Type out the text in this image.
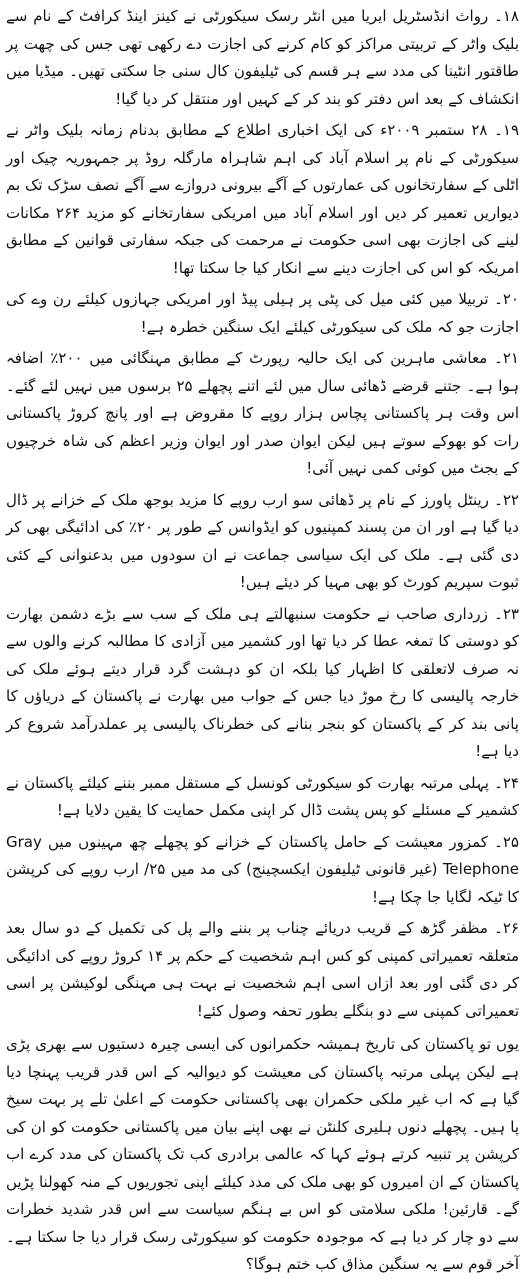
۱۸۔ رواث انڈسٹریل ایریا میں انٹر رسک سیکورٹی نے کینز اینڈ کرافٹ کے نام سے بلیک واٹر کے تربیتی مراکز کو کام کرنے کی اجازت دے رکھی تھی جس کی چھت پر طاقتور انٹینا کی مدد سے ہر قسم کی ٹیلیفون کال سنی جا سکتی تھیں۔ میڈیا میں انکشاف کے بعد اس دفتر کو بند کر کے کہیں اور منتقل کر دیا گیا!

۱۹۔ ۲۸ ستمبر ۲۰۰۹ء کی ایک اخباری اطلاع کے مطابق بدنام زمانہ بلیک واٹر نے سیکورٹی کے نام پر اسلام آباد کی اہم شاہراہ مارگلہ روڈ پر جمہوریہ چیک اور اٹلی کے سفارتخانوں کی عمارتوں کے آگے بیرونی دروازے سے آگے نصف سڑک تک بم دیواریں تعمیر کر دیں اور اسلام آباد میں امریکی سفارتخانے کو مزید ۲۶۴ مکانات لینے کی اجازت بھی اسی حکومت نے مرحمت کی جبکہ سفارتی قوانین کے مطابق امریکہ کو اس کی اجازت دینے سے انکار کیا جا سکتا تھا!

۲۰۔ تربیلا میں کئی میل کی پٹی پر ہیلی پیڈ اور امریکی جہازوں کیلئے رن وے کی اجازت جو کہ ملک کی سیکورٹی کیلئے ایک سنگین خطرہ ہے!

۲۱۔ معاشی ماہرین کی ایک حالیہ رپورٹ کے مطابق مہنگائی میں ۲۰۰٪ اضافہ ہوا ہے۔ جتنے قرضے ڈھائی سال میں لئے اتنے پچھلے ۲۵ برسوں میں نہیں لئے گئے۔ اس وقت ہر پاکستانی پچاس ہزار روپے کا مقروض ہے اور پانچ کروڑ پاکستانی رات کو بھوکے سوتے ہیں لیکن ایوان صدر اور ایوان وزیر اعظم کی شاہ خرچیوں کے بجٹ میں کوئی کمی نہیں آئی!

۲۲۔ رینٹل پاورز کے نام پر ڈھائی سو ارب روپے کا مزید بوجھ ملک کے خزانے پر ڈال دیا گیا ہے اور ان من پسند کمپنیوں کو ایڈوانس کے طور پر ۲۰٪ کی ادائیگی بھی کر دی گئی ہے۔ ملک کی ایک سیاسی جماعت نے ان سودوں میں بدعنوانی کے کئی ثبوت سپریم کورٹ کو بھی مہیا کر دیئے ہیں!

۲۳۔ زرداری صاحب نے حکومت سنبھالتے ہی ملک کے سب سے بڑے دشمن بھارت کو دوستی کا تمغہ عطا کر دیا تھا اور کشمیر میں آزادی کا مطالبہ کرنے والوں سے نہ صرف لاتعلقی کا اظہار کیا بلکہ ان کو دہشت گرد قرار دیتے ہوئے ملک کی خارجہ پالیسی کا رخ موڑ دیا جس کے جواب میں بھارت نے پاکستان کے دریاؤں کا پانی بند کر کے پاکستان کو بنجر بنانے کی خطرناک پالیسی پر عملدرآمد شروع کر دیا ہے!

۲۴۔ پہلی مرتبہ بھارت کو سیکورٹی کونسل کے مستقل ممبر بننے کیلئے پاکستان نے کشمیر کے مسئلے کو پس پشت ڈال کر اپنی مکمل حمایت کا یقین دلایا ہے!

۲۵۔ کمزور معیشت کے حامل پاکستان کے خزانے کو پچھلے چھ مہینوں میں Gray Telephone (غیر قانونی ٹیلیفون ایکسچینج) کی مد میں ۲۵/ ارب روپے کی کرپشن کا ٹیکہ لگایا جا چکا ہے!

۲۶۔ مظفر گڑھ کے قریب دریائے چناب پر بننے والے پل کی تکمیل کے دو سال بعد متعلقہ تعمیراتی کمپنی کو کس اہم شخصیت کے حکم پر ۱۴ کروڑ روپے کی ادائیگی کر دی گئی اور بعد ازاں اسی اہم شخصیت نے بہت ہی مہنگی لوکیشن پر اسی تعمیراتی کمپنی سے دو بنگلے بطور تحفہ وصول کئے!

یوں تو پاکستان کی تاریخ ہمیشہ حکمرانوں کی ایسی چیرہ دستیوں سے بھری پڑی ہے لیکن پہلی مرتبہ پاکستان کی معیشت کو دیوالیہ کے اس قدر قریب پہنچا دیا گیا ہے کہ اب غیر ملکی حکمران بھی پاکستانی حکومت کے اعلیٰ تلے پر بہت سیخ پا ہیں۔ پچھلے دنوں ہلیری کلنٹن نے بھی اپنے بیان میں پاکستانی حکومت کو ان کی کرپشن پر تنبیہ کرتے ہوئے کہا کہ عالمی برادری کب تک پاکستان کی مدد کرے اب پاکستان کے ان امیروں کو بھی ملک کی مدد کیلئے اپنی تجوریوں کے منہ کھولنا پڑیں گے۔ قارئین! ملکی سلامتی کو اس بے ہنگم سیاست سے اس قدر شدید خطرات سے دو چار کر دیا ہے کہ موجودہ حکومت کو سیکورٹی رسک قرار دیا جا سکتا ہے۔ آخر قوم سے یہ سنگین مذاق کب ختم ہوگا؟
